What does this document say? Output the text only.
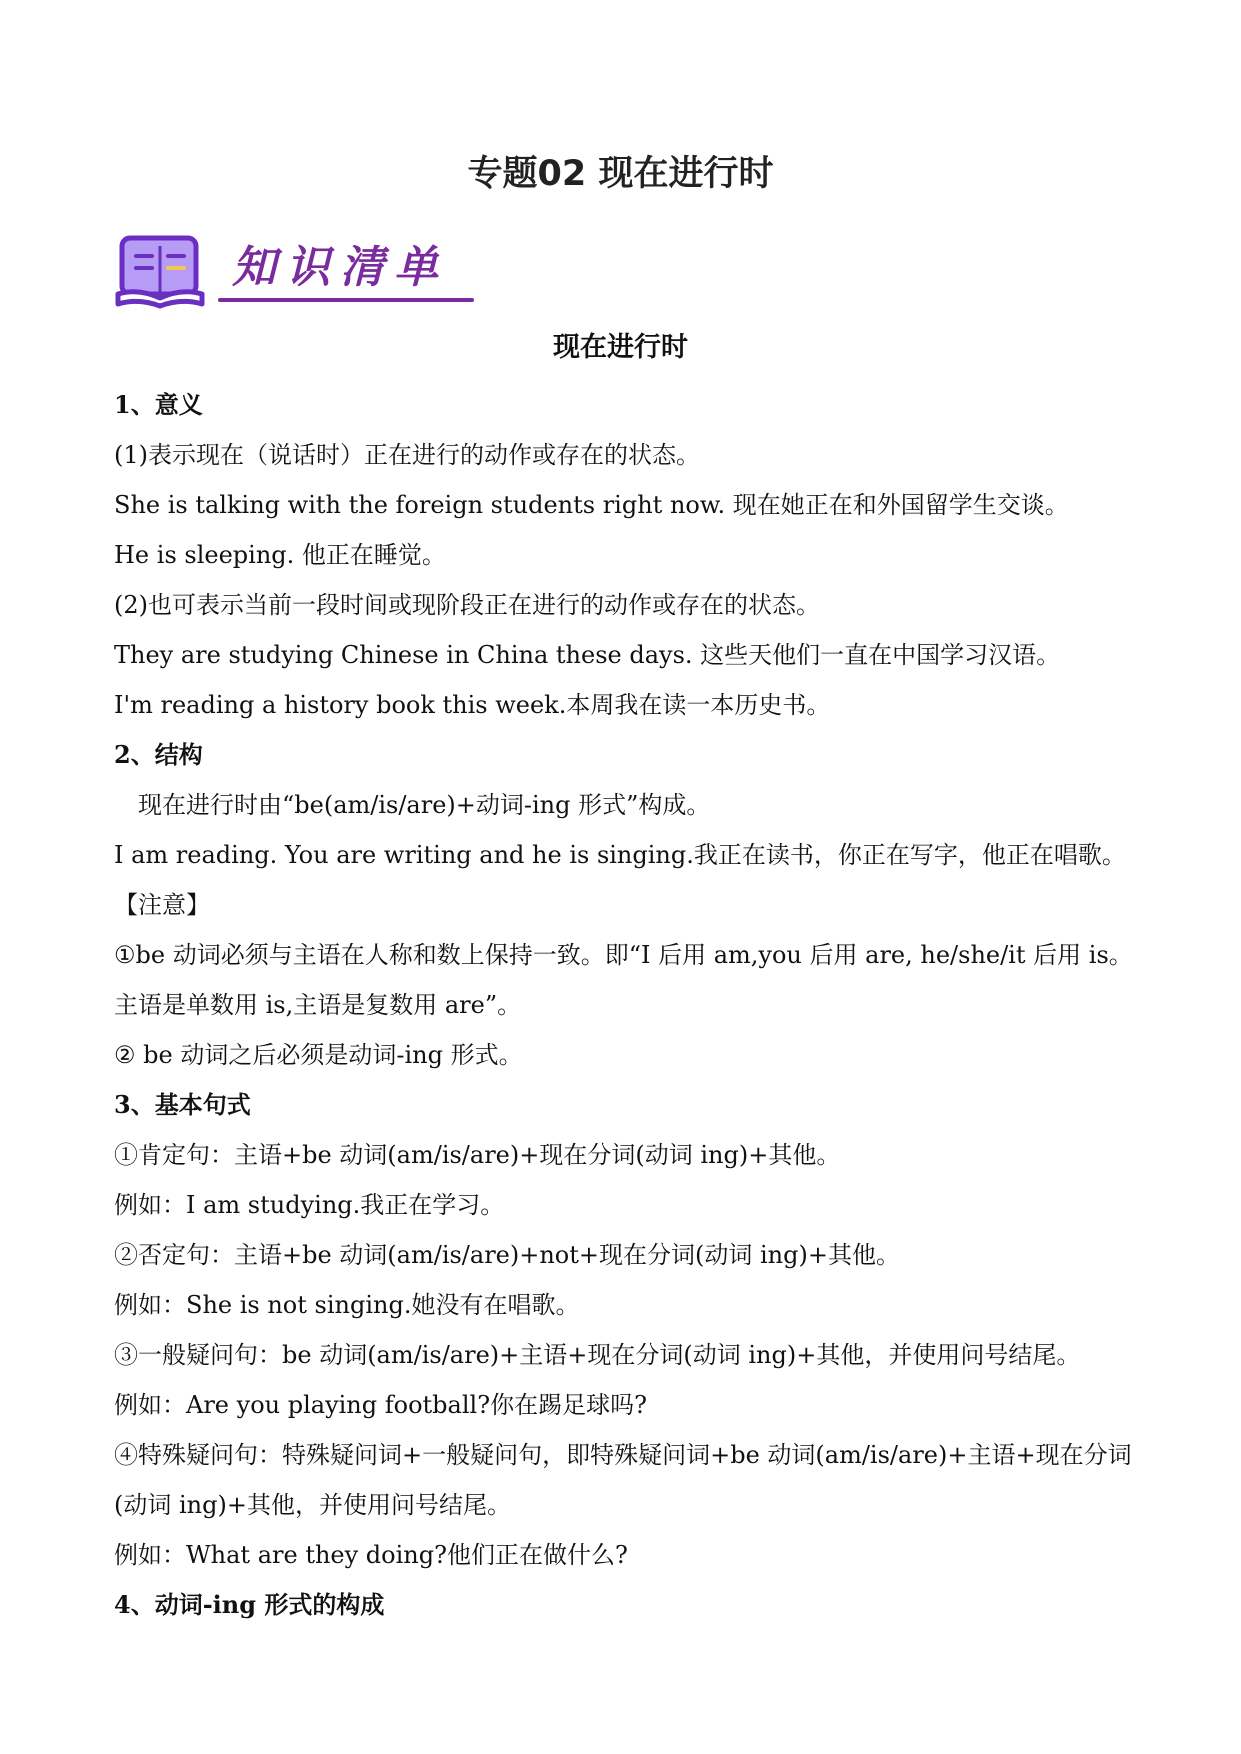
专题02 现在进行时
知识清单
现在进行时
1、意义
(1)表示现在（说话时）正在进行的动作或存在的状态。
She is talking with the foreign students right now. 现在她正在和外国留学生交谈。
He is sleeping. 他正在睡觉。
(2)也可表示当前一段时间或现阶段正在进行的动作或存在的状态。
They are studying Chinese in China these days. 这些天他们一直在中国学习汉语。
I'm reading a history book this week.本周我在读一本历史书。
2、结构
现在进行时由“be(am/is/are)+动词-ing 形式”构成。
I am reading. You are writing and he is singing.我正在读书，你正在写字，他正在唱歌。
【注意】
①be 动词必须与主语在人称和数上保持一致。即“I 后用 am,you 后用 are, he/she/it 后用 is。
主语是单数用 is,主语是复数用 are”。
② be 动词之后必须是动词-ing 形式。
3、基本句式
①肯定句：主语+be 动词(am/is/are)+现在分词(动词 ing)+其他。
例如：I am studying.我正在学习。
②否定句：主语+be 动词(am/is/are)+not+现在分词(动词 ing)+其他。
例如：She is not singing.她没有在唱歌。
③一般疑问句：be 动词(am/is/are)+主语+现在分词(动词 ing)+其他，并使用问号结尾。
例如：Are you playing football?你在踢足球吗?
④特殊疑问句：特殊疑问词+一般疑问句，即特殊疑问词+be 动词(am/is/are)+主语+现在分词
(动词 ing)+其他，并使用问号结尾。
例如：What are they doing?他们正在做什么?
4、动词-ing 形式的构成
